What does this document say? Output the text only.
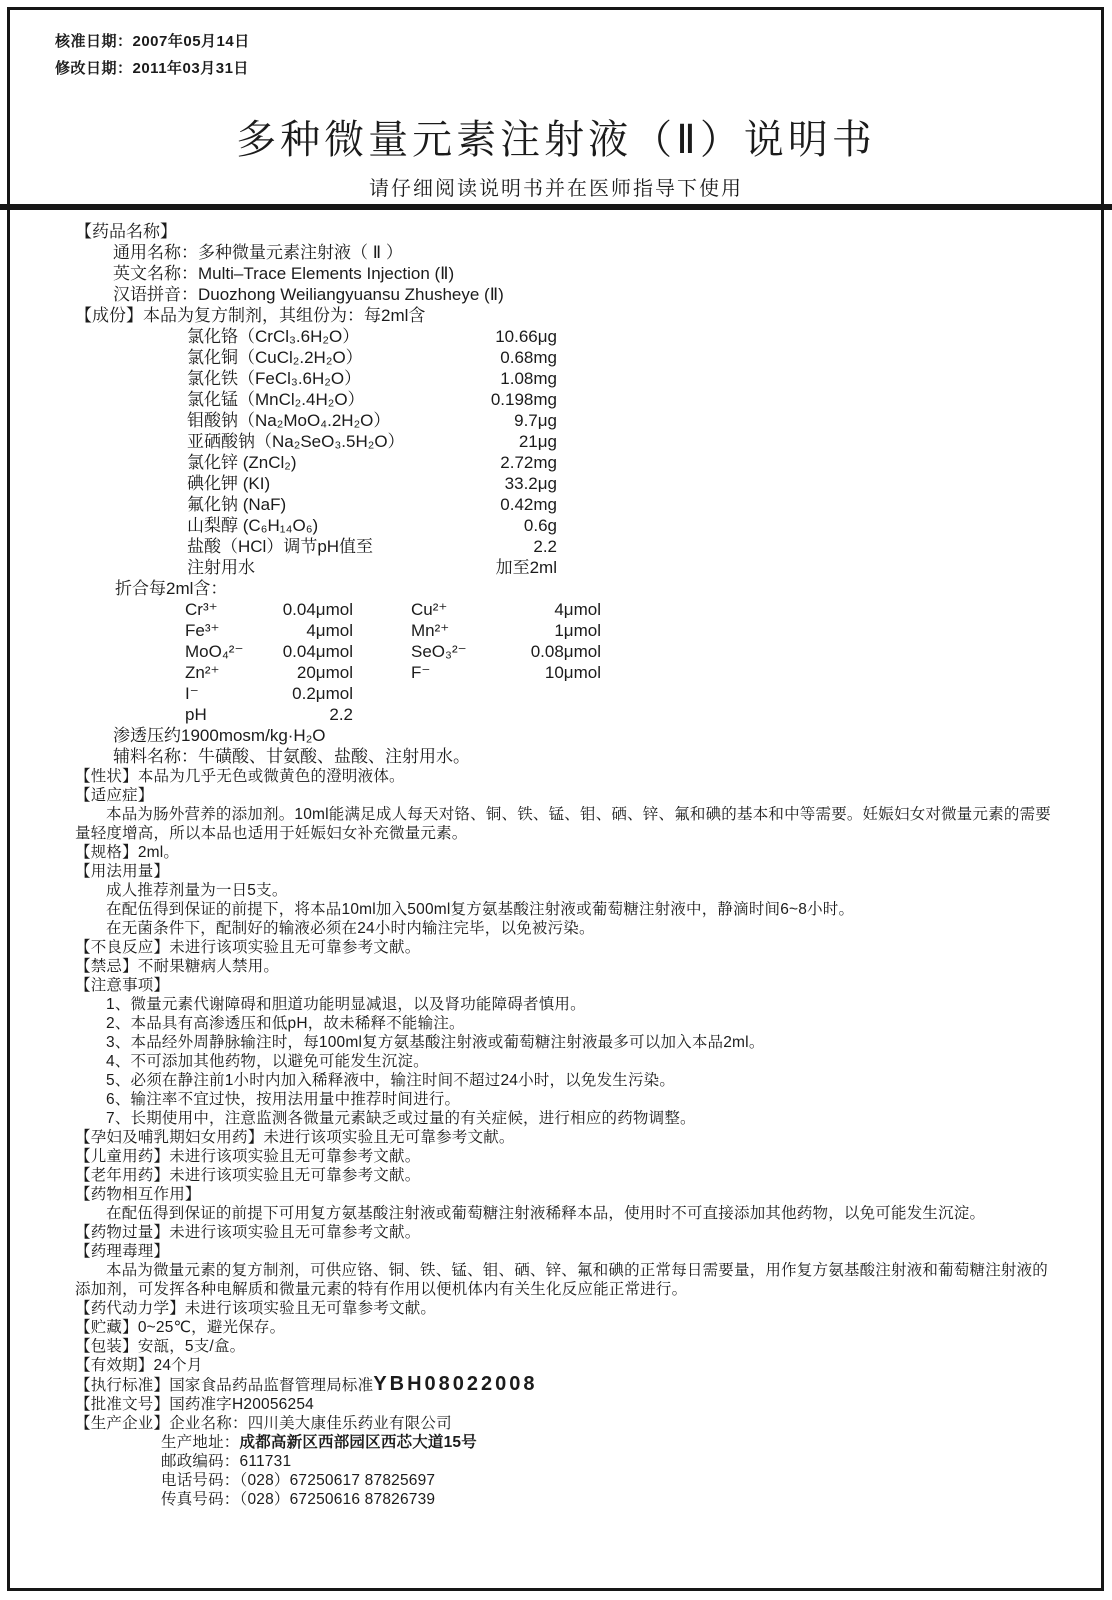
核准日期：2007年05月14日
修改日期：2011年03月31日
多种微量元素注射液（Ⅱ）说明书
请仔细阅读说明书并在医师指导下使用
【药品名称】
通用名称：多种微量元素注射液（ Ⅱ ）
英文名称：Multi–Trace Elements Injection (Ⅱ)
汉语拼音：Duozhong Weiliangyuansu Zhusheye (Ⅱ)
【成份】本品为复方制剂，其组份为：每2ml含
氯化铬（CrCl₃.6H₂O）	10.66μg
氯化铜（CuCl₂.2H₂O）	0.68mg
氯化铁（FeCl₃.6H₂O）	1.08mg
氯化锰（MnCl₂.4H₂O）	0.198mg
钼酸钠（Na₂MoO₄.2H₂O）	9.7μg
亚硒酸钠（Na₂SeO₃.5H₂O）	21μg
氯化锌 (ZnCl₂)	2.72mg
碘化钾 (KI)	33.2μg
氟化钠 (NaF)	0.42mg
山梨醇 (C₆H₁₄O₆)	0.6g
盐酸（HCl）调节pH值至	2.2
注射用水	加至2ml
折合每2ml含：
Cr³⁺	0.04μmol	Cu²⁺	4μmol
Fe³⁺	4μmol	Mn²⁺	1μmol
MoO₄²⁻	0.04μmol	SeO₃²⁻	0.08μmol
Zn²⁺	20μmol	F⁻	10μmol
I⁻	0.2μmol
pH	2.2
渗透压约1900mosm/kg·H₂O
辅料名称：牛磺酸、甘氨酸、盐酸、注射用水。
【性状】本品为几乎无色或微黄色的澄明液体。
【适应症】
本品为肠外营养的添加剂。10ml能满足成人每天对铬、铜、铁、锰、钼、硒、锌、氟和碘的基本和中等需要。妊娠妇女对微量元素的需要量轻度增高，所以本品也适用于妊娠妇女补充微量元素。
【规格】2ml。
【用法用量】
成人推荐剂量为一日5支。
在配伍得到保证的前提下，将本品10ml加入500ml复方氨基酸注射液或葡萄糖注射液中，静滴时间6~8小时。
在无菌条件下，配制好的输液必须在24小时内输注完毕，以免被污染。
【不良反应】未进行该项实验且无可靠参考文献。
【禁忌】不耐果糖病人禁用。
【注意事项】
1、微量元素代谢障碍和胆道功能明显减退，以及肾功能障碍者慎用。
2、本品具有高渗透压和低pH，故未稀释不能输注。
3、本品经外周静脉输注时，每100ml复方氨基酸注射液或葡萄糖注射液最多可以加入本品2ml。
4、不可添加其他药物，以避免可能发生沉淀。
5、必须在静注前1小时内加入稀释液中，输注时间不超过24小时，以免发生污染。
6、输注率不宜过快，按用法用量中推荐时间进行。
7、长期使用中，注意监测各微量元素缺乏或过量的有关症候，进行相应的药物调整。
【孕妇及哺乳期妇女用药】未进行该项实验且无可靠参考文献。
【儿童用药】未进行该项实验且无可靠参考文献。
【老年用药】未进行该项实验且无可靠参考文献。
【药物相互作用】
在配伍得到保证的前提下可用复方氨基酸注射液或葡萄糖注射液稀释本品，使用时不可直接添加其他药物，以免可能发生沉淀。
【药物过量】未进行该项实验且无可靠参考文献。
【药理毒理】
本品为微量元素的复方制剂，可供应铬、铜、铁、锰、钼、硒、锌、氟和碘的正常每日需要量，用作复方氨基酸注射液和葡萄糖注射液的添加剂，可发挥各种电解质和微量元素的特有作用以便机体内有关生化反应能正常进行。
【药代动力学】未进行该项实验且无可靠参考文献。
【贮藏】0~25℃，避光保存。
【包装】安瓿，5支/盒。
【有效期】24个月
【执行标准】国家食品药品监督管理局标准YBH08022008
【批准文号】国药准字H20056254
【生产企业】企业名称：四川美大康佳乐药业有限公司
生产地址：成都高新区西部园区西芯大道15号
邮政编码：611731
电话号码：（028）67250617 87825697
传真号码：（028）67250616 87826739
